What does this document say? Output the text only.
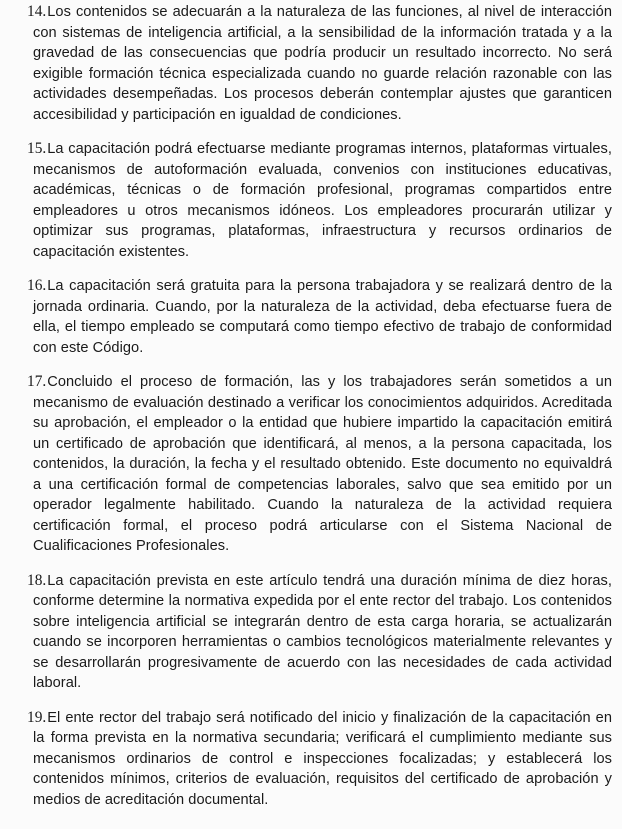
14. Los contenidos se adecuarán a la naturaleza de las funciones, al nivel de interacción con sistemas de inteligencia artificial, a la sensibilidad de la información tratada y a la gravedad de las consecuencias que podría producir un resultado incorrecto. No será exigible formación técnica especializada cuando no guarde relación razonable con las actividades desempeñadas. Los procesos deberán contemplar ajustes que garanticen accesibilidad y participación en igualdad de condiciones.
15. La capacitación podrá efectuarse mediante programas internos, plataformas virtuales, mecanismos de autoformación evaluada, convenios con instituciones educativas, académicas, técnicas o de formación profesional, programas compartidos entre empleadores u otros mecanismos idóneos. Los empleadores procurarán utilizar y optimizar sus programas, plataformas, infraestructura y recursos ordinarios de capacitación existentes.
16. La capacitación será gratuita para la persona trabajadora y se realizará dentro de la jornada ordinaria. Cuando, por la naturaleza de la actividad, deba efectuarse fuera de ella, el tiempo empleado se computará como tiempo efectivo de trabajo de conformidad con este Código.
17. Concluido el proceso de formación, las y los trabajadores serán sometidos a un mecanismo de evaluación destinado a verificar los conocimientos adquiridos. Acreditada su aprobación, el empleador o la entidad que hubiere impartido la capacitación emitirá un certificado de aprobación que identificará, al menos, a la persona capacitada, los contenidos, la duración, la fecha y el resultado obtenido. Este documento no equivaldrá a una certificación formal de competencias laborales, salvo que sea emitido por un operador legalmente habilitado. Cuando la naturaleza de la actividad requiera certificación formal, el proceso podrá articularse con el Sistema Nacional de Cualificaciones Profesionales.
18. La capacitación prevista en este artículo tendrá una duración mínima de diez horas, conforme determine la normativa expedida por el ente rector del trabajo. Los contenidos sobre inteligencia artificial se integrarán dentro de esta carga horaria, se actualizarán cuando se incorporen herramientas o cambios tecnológicos materialmente relevantes y se desarrollarán progresivamente de acuerdo con las necesidades de cada actividad laboral.
19. El ente rector del trabajo será notificado del inicio y finalización de la capacitación en la forma prevista en la normativa secundaria; verificará el cumplimiento mediante sus mecanismos ordinarios de control e inspecciones focalizadas; y establecerá los contenidos mínimos, criterios de evaluación, requisitos del certificado de aprobación y medios de acreditación documental.
